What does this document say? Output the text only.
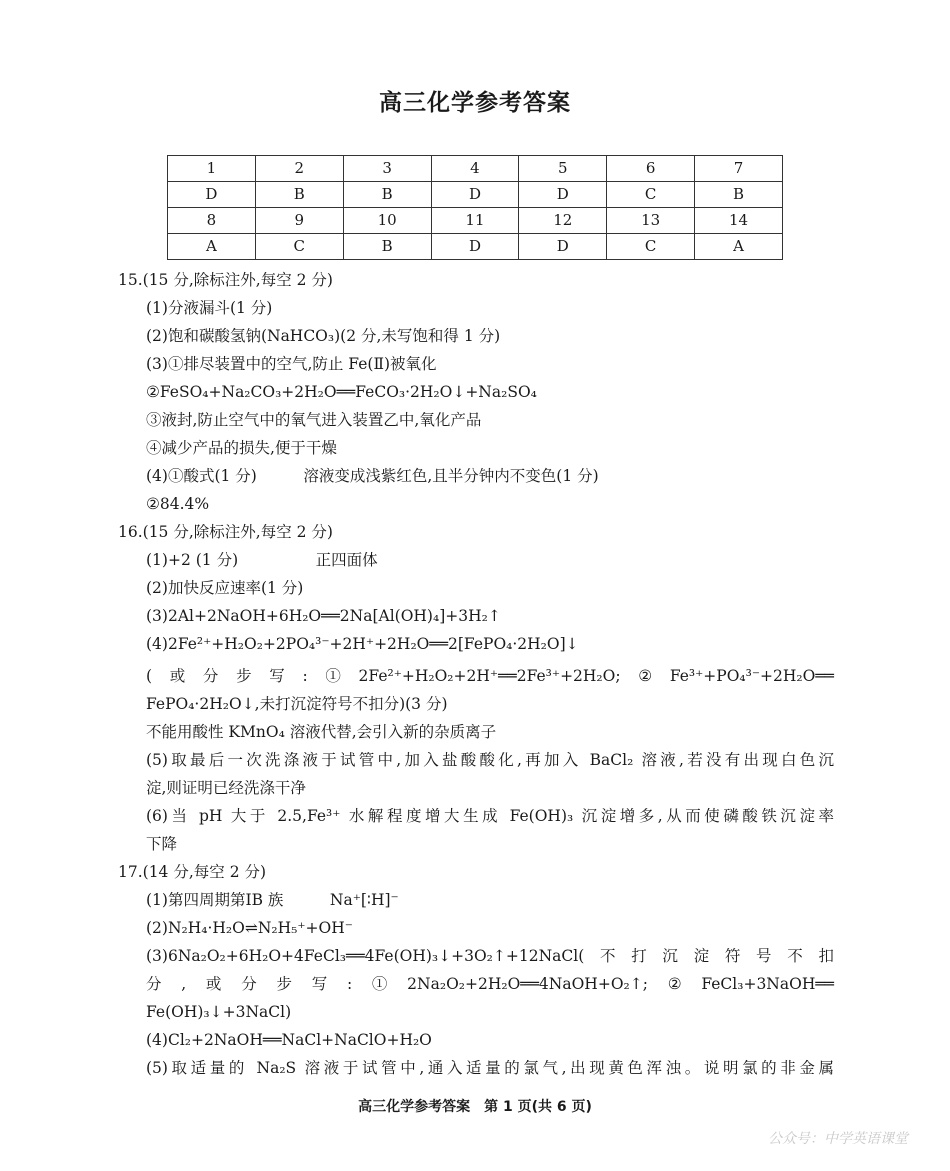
高三化学参考答案
1	2	3	4	5	6	7
D	B	B	D	D	C	B
8	9	10	11	12	13	14
A	C	B	D	D	C	A
15.(15 分,除标注外,每空 2 分)
(1)分液漏斗(1 分)
(2)饱和碳酸氢钠(NaHCO₃)(2 分,未写饱和得 1 分)
(3)①排尽装置中的空气,防止 Fe(Ⅱ)被氧化
②FeSO₄+Na₂CO₃+2H₂O══FeCO₃·2H₂O↓+Na₂SO₄
③液封,防止空气中的氧气进入装置乙中,氧化产品
④减少产品的损失,便于干燥
(4)①酸式(1 分)　　　溶液变成浅紫红色,且半分钟内不变色(1 分)
②84.4%
16.(15 分,除标注外,每空 2 分)
(1)+2 (1 分)　　　　　正四面体
(2)加快反应速率(1 分)
(3)2Al+2NaOH+6H₂O══2Na[Al(OH)₄]+3H₂↑
(4)2Fe²⁺+H₂O₂+2PO₄³⁻+2H⁺+2H₂O══2[FePO₄·2H₂O]↓
(或分步写:①2Fe²⁺+H₂O₂+2H⁺══2Fe³⁺+2H₂O;②Fe³⁺+PO₄³⁻+2H₂O══
FePO₄·2H₂O↓,未打沉淀符号不扣分)(3 分)
不能用酸性 KMnO₄ 溶液代替,会引入新的杂质离子
(5)取最后一次洗涤液于试管中,加入盐酸酸化,再加入 BaCl₂ 溶液,若没有出现白色沉
淀,则证明已经洗涤干净
(6)当 pH 大于 2.5,Fe³⁺ 水解程度增大生成 Fe(OH)₃ 沉淀增多,从而使磷酸铁沉淀率
下降
17.(14 分,每空 2 分)
(1)第四周期第ⅠB 族　　　Na⁺[∶H]⁻
(2)N₂H₄·H₂O⇌N₂H₅⁺+OH⁻
(3)6Na₂O₂+6H₂O+4FeCl₃══4Fe(OH)₃↓+3O₂↑+12NaCl(不打沉淀符号不扣
分,或分步写:①2Na₂O₂+2H₂O══4NaOH+O₂↑;②FeCl₃+3NaOH══
Fe(OH)₃↓+3NaCl)
(4)Cl₂+2NaOH══NaCl+NaClO+H₂O
(5)取适量的 Na₂S 溶液于试管中,通入适量的氯气,出现黄色浑浊。说明氯的非金属
高三化学参考答案　第 1 页(共 6 页)
公众号：中学英语课堂
